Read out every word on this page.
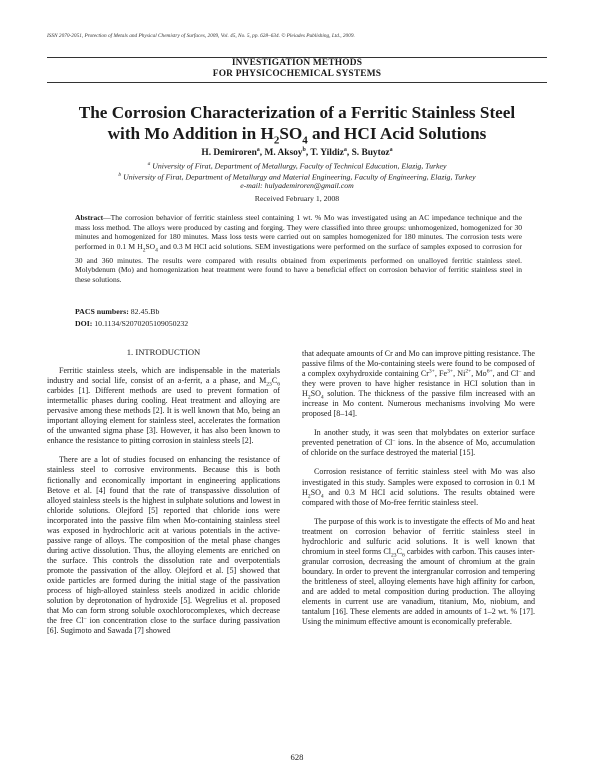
ISSN 2070-2051, Protection of Metals and Physical Chemistry of Surfaces, 2009, Vol. 45, No. 5, pp. 628–634. © Pleiades Publishing, Ltd., 2009.
INVESTIGATION METHODS
FOR PHYSICOCHEMICAL SYSTEMS
The Corrosion Characterization of a Ferritic Stainless Steel
with Mo Addition in $H_2SO_4$ and HCI Acid Solutions
H. Demiroren$^a$, M. Aksoy$^b$, T. Yildiz$^a$, S. Buytoz$^a$
$^a$ University of Firat, Department of Metallurgy, Faculty of Technical Education, Elazig, Turkey
$^b$ University of Firat, Department of Metallurgy and Material Engineering, Faculty of Engineering, Elazig, Turkey
e-mail: hulyademiroren@gmail.com
Received February 1, 2008
Abstract—The corrosion behavior of ferritic stainless steel containing 1 wt. % Mo was investigated using an AC impedance technique and the mass loss method. The alloys were produced by casting and forging. They were classified into three groups: unhomogenized, homogenized for 30 minutes and homogenized for 180 minutes. Mass loss tests were carried out on samples homogenized for 180 minutes. The corrosion tests were performed in 0.1 M $H_2SO_4$ and 0.3 M HCI acid solutions. SEM investigations were performed on the surface of samples exposed to corrosion for 30 and 360 minutes. The results were compared with results obtained from experiments performed on unalloyed ferritic stainless steel. Molybdenum (Mo) and homogenization heat treatment were found to have a beneficial effect on corrosion behavior of ferritic stainless steel in these solutions.
PACS numbers: 82.45.Bb
DOI: 10.1134/S2070205109050232
1. INTRODUCTION

Ferritic stainless steels, which are indispensable in the materials industry and social life, consist of an a-ferrit, a a phase, and $M_{23}C_6$ carbides [1]. Different methods are used to prevent formation of intermetallic phases during cooling. Heat treatment and alloying are pervasive among these methods [2]. It is well known that Mo, being an important alloying element for stainless steel, accelerates the formation of the unwanted sigma phase [3]. However, it has also been known to enhance the resistance to pitting corrosion in stainless steels [2].

There are a lot of studies focused on enhancing the resistance of stainless steel to corrosive environments. Because this is both fictionally and economically important in engineering applications Betove et al. [4] found that the rate of transpassive dissolution of alloyed stainless steels is the highest in sulphate solutions and lowest in chloride solutions. Olejford [5] reported that chloride ions were incorporated into the passive film when Mo-containing stainless steel was exposed in hydrochloric acit at various potentials in the active-passive range of alloys. The composition of the metal phase changes during active dissolution. Thus, the alloying elements are enriched on the surface. This controls the dissolution rate and overpotentials promote the passivation of the alloy. Olejford et al. [5] showed that oxide particles are formed during the initial stage of the passivation process of high-alloyed stainless steels anodized in acidic chloride solution by deprotonation of hydroxide [5]. Wegrelius et al. proposed that Mo can form strong soluble oxochlorocomplexes, which decrease the free Cl– ion concentration close to the surface during passivation [6]. Sugimoto and Sawada [7] showed

that adequate amounts of Cr and Mo can improve pitting resistance. The passive films of the Mo-containing steels were found to be composed of a complex oxyhydroxide containing $Cr^{3+}$, $Fe^{3+}$, $Ni^{2+}$, $Mo^{6+}$, and Cl– and they were proven to have higher resistance in HCI solution than in $H_2SO_4$ solution. The thickness of the passive film increased with an increase in Mo content. Numerous mechanisms involving Mo were proposed [8–14].

In another study, it was seen that molybdates on exterior surface prevented penetration of Cl– ions. In the absence of Mo, accumulation of chloride on the surface destroyed the material [15].

Corrosion resistance of ferritic stainless steel with Mo was also investigated in this study. Samples were exposed to corrosion in 0.1 M $H_2SO_4$ and 0.3 M HCI acid solutions. The results obtained were compared with those of Mo-free ferritic stainless steel.

The purpose of this work is to investigate the effects of Mo and heat treatment on corrosion behavior of ferritic stainless steel in hydrochloric and sulfuric acid solutions. It is well known that chromium in steel forms $Cl_{23}C_6$ carbides with carbon. This causes inter-granular corrosion, decreasing the amount of chromium at the grain boundary. In order to prevent the intergranular corrosion and tempering the brittleness of steel, alloying elements have high affinity for carbon, and are added to metal composition during production. The alloying elements in current use are vanadium, titanium, Mo, niobium, and tantalum [16]. These elements are added in amounts of 1–2 wt. % [17]. Using the minimum effective amount is economically preferable.

628
